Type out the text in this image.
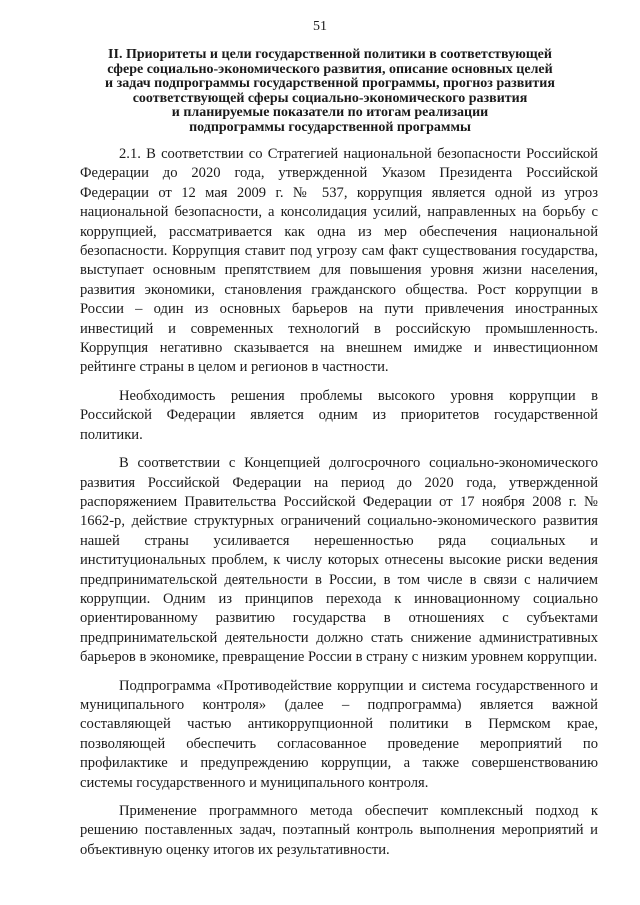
51
II. Приоритеты и цели государственной политики в соответствующей
сфере социально-экономического развития, описание основных целей
и задач подпрограммы государственной программы, прогноз развития
соответствующей сферы социально-экономического развития
и планируемые показатели по итогам реализации
подпрограммы государственной программы

2.1. В соответствии со Стратегией национальной безопасности Российской Федерации до 2020 года, утвержденной Указом Президента Российской Федерации от 12 мая 2009 г. № 537, коррупция является одной из угроз национальной безопасности, а консолидация усилий, направленных на борьбу с коррупцией, рассматривается как одна из мер обеспечения национальной безопасности. Коррупция ставит под угрозу сам факт существования государства, выступает основным препятствием для повышения уровня жизни населения, развития экономики, становления гражданского общества. Рост коррупции в России – один из основных барьеров на пути привлечения иностранных инвестиций и современных технологий в российскую промышленность. Коррупция негативно сказывается на внешнем имидже и инвестиционном рейтинге страны в целом и регионов в частности.

Необходимость решения проблемы высокого уровня коррупции в Российской Федерации является одним из приоритетов государственной политики.

В соответствии с Концепцией долгосрочного социально-экономического развития Российской Федерации на период до 2020 года, утвержденной распоряжением Правительства Российской Федерации от 17 ноября 2008 г. № 1662-р, действие структурных ограничений социально-экономического развития нашей страны усиливается нерешенностью ряда социальных и институциональных проблем, к числу которых отнесены высокие риски ведения предпринимательской деятельности в России, в том числе в связи с наличием коррупции. Одним из принципов перехода к инновационному социально ориентированному развитию государства в отношениях с субъектами предпринимательской деятельности должно стать снижение административных барьеров в экономике, превращение России в страну с низким уровнем коррупции.

Подпрограмма «Противодействие коррупции и система государственного и муниципального контроля» (далее – подпрограмма) является важной составляющей частью антикоррупционной политики в Пермском крае, позволяющей обеспечить согласованное проведение мероприятий по профилактике и предупреждению коррупции, а также совершенствованию системы государственного и муниципального контроля.

Применение программного метода обеспечит комплексный подход к решению поставленных задач, поэтапный контроль выполнения мероприятий и объективную оценку итогов их результативности.
